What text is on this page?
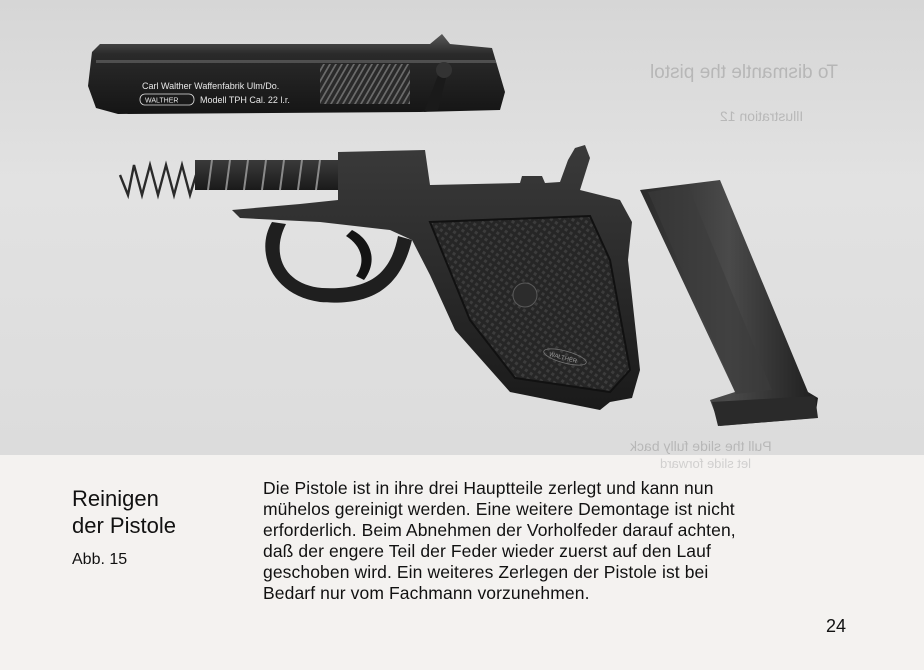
To dismantle the pistol
Illustration 12
Pull the slide fully back
let slide forward
Carl Walther Waffenfabrik Ulm/Do.
WALTHER Modell TPH Cal. 22 l.r.
WALTHER
Reinigen
der Pistole
Abb. 15
Die Pistole ist in ihre drei Hauptteile zerlegt und kann nun
mühelos gereinigt werden. Eine weitere Demontage ist nicht
erforderlich. Beim Abnehmen der Vorholfeder darauf achten,
daß der engere Teil der Feder wieder zuerst auf den Lauf
geschoben wird. Ein weiteres Zerlegen der Pistole ist bei
Bedarf nur vom Fachmann vorzunehmen.
24
